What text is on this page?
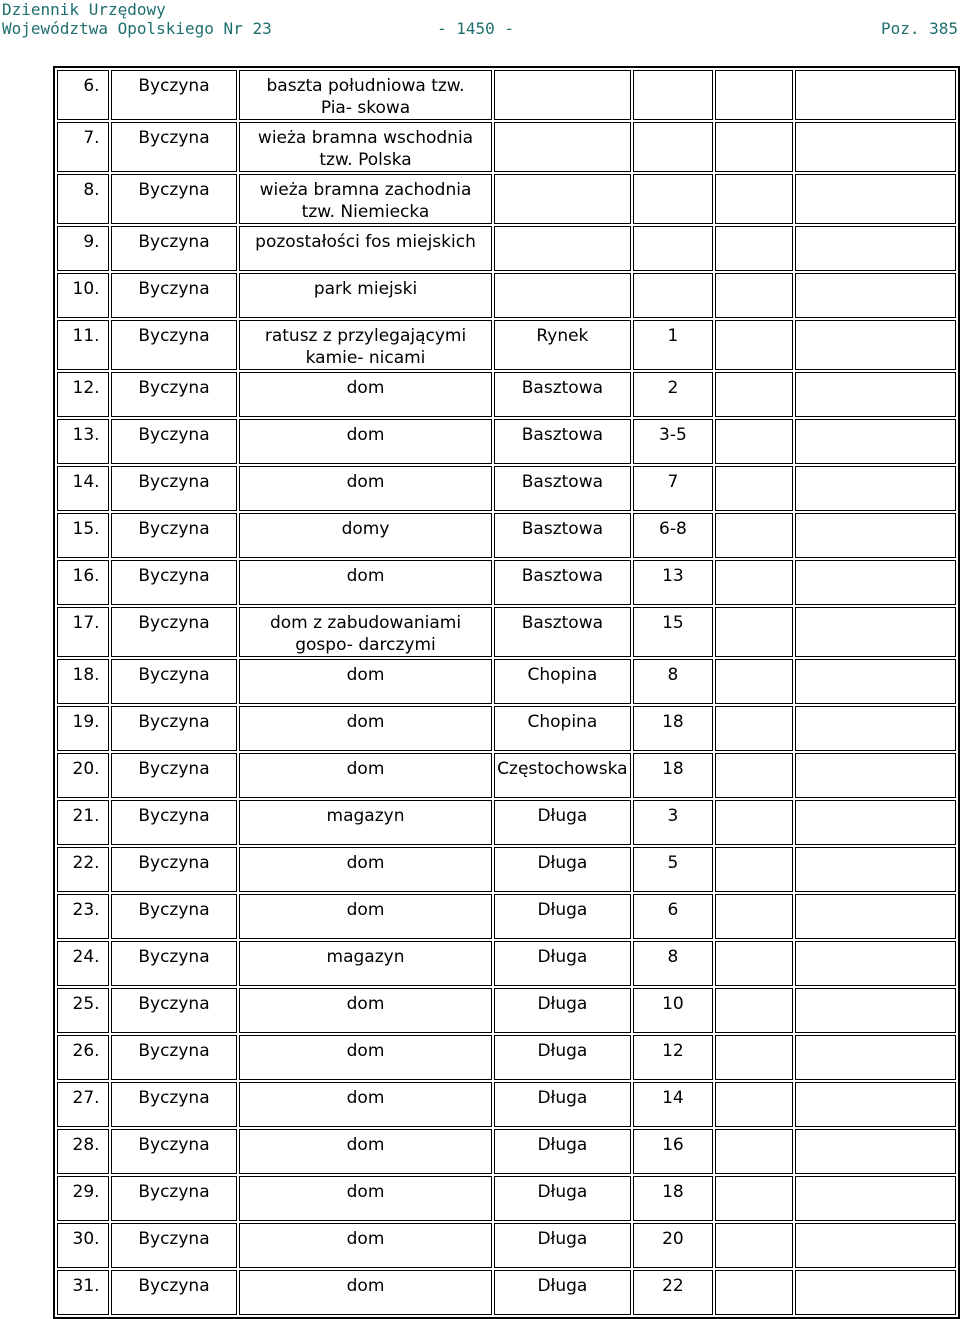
Dziennik Urzędowy
Województwa Opolskiego Nr 23	- 1450 -	Poz. 385
6.	Byczyna	baszta południowa tzw. Pia- skowa				

7.	Byczyna	wieża bramna wschodnia tzw. Polska				

8.	Byczyna	wieża bramna zachodnia tzw. Niemiecka				

9.	Byczyna	pozostałości fos miejskich				

10.	Byczyna	park miejski				

11.	Byczyna	ratusz z przylegającymi kamie- nicami	Rynek	1		

12.	Byczyna	dom	Basztowa	2		

13.	Byczyna	dom	Basztowa	3-5		

14.	Byczyna	dom	Basztowa	7		

15.	Byczyna	domy	Basztowa	6-8		

16.	Byczyna	dom	Basztowa	13		

17.	Byczyna	dom z zabudowaniami gospo- darczymi	Basztowa	15		

18.	Byczyna	dom	Chopina	8		

19.	Byczyna	dom	Chopina	18		

20.	Byczyna	dom	Częstochowska	18		

21.	Byczyna	magazyn	Długa	3		

22.	Byczyna	dom	Długa	5		

23.	Byczyna	dom	Długa	6		

24.	Byczyna	magazyn	Długa	8		

25.	Byczyna	dom	Długa	10		

26.	Byczyna	dom	Długa	12		

27.	Byczyna	dom	Długa	14		

28.	Byczyna	dom	Długa	16		

29.	Byczyna	dom	Długa	18		

30.	Byczyna	dom	Długa	20		

31.	Byczyna	dom	Długa	22		
